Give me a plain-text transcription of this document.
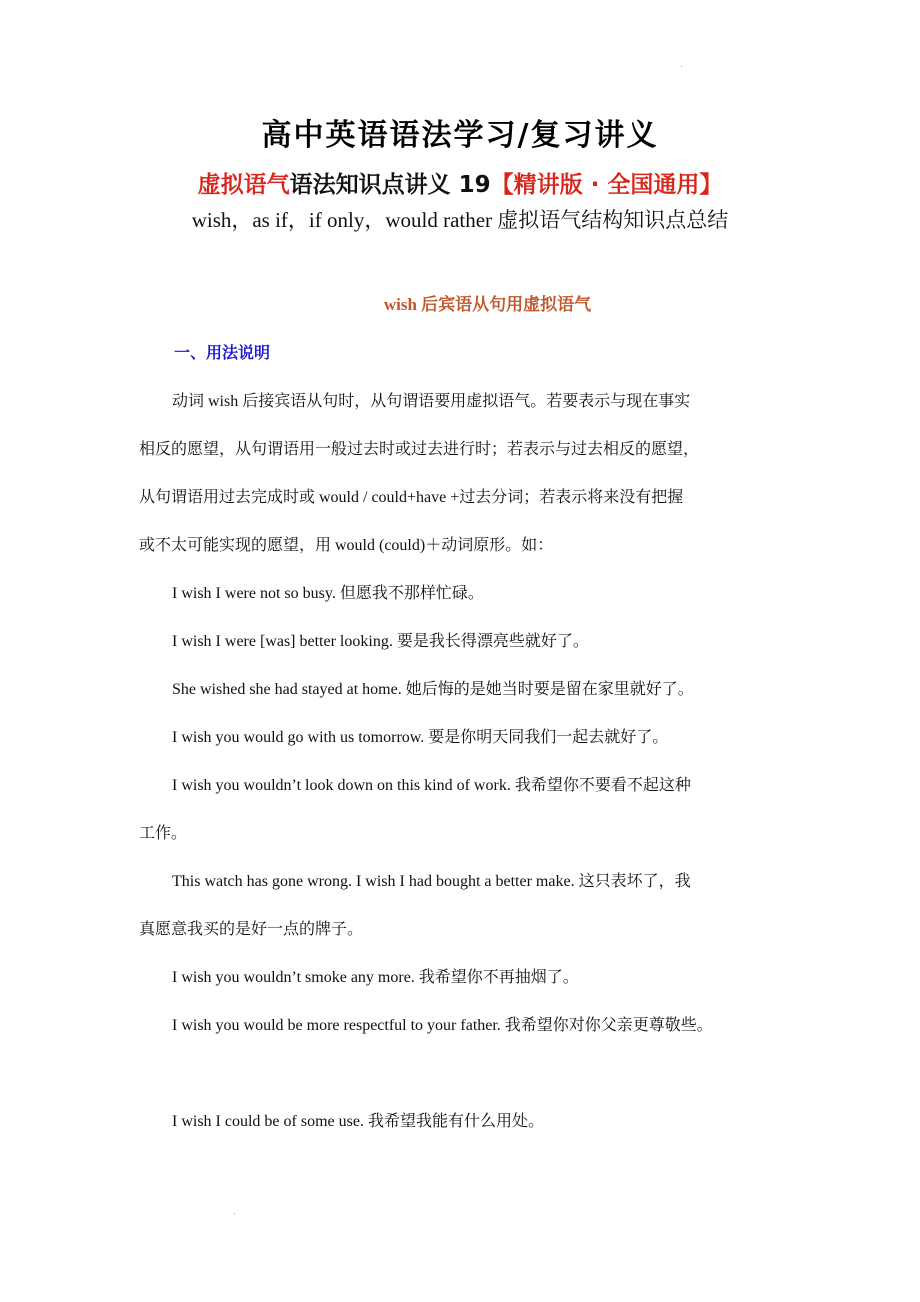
高中英语语法学习/复习讲义
虚拟语气语法知识点讲义 19【精讲版 · 全国通用】
wish，as if，if only，would rather 虚拟语气结构知识点总结
wish 后宾语从句用虚拟语气
一、用法说明
动词 wish 后接宾语从句时，从句谓语要用虚拟语气。若要表示与现在事实
相反的愿望，从句谓语用一般过去时或过去进行时；若表示与过去相反的愿望，
从句谓语用过去完成时或 would / could+have +过去分词；若表示将来没有把握
或不太可能实现的愿望，用 would (could)＋动词原形。如：
I wish I were not so busy. 但愿我不那样忙碌。
I wish I were [was] better looking. 要是我长得漂亮些就好了。
She wished she had stayed at home. 她后悔的是她当时要是留在家里就好了。
I wish you would go with us tomorrow. 要是你明天同我们一起去就好了。
I wish you wouldn’t look down on this kind of work. 我希望你不要看不起这种
工作。
This watch has gone wrong. I wish I had bought a better make. 这只表坏了，我
真愿意我买的是好一点的牌子。
I wish you wouldn’t smoke any more. 我希望你不再抽烟了。
I wish you would be more respectful to your father. 我希望你对你父亲更尊敬些。
I wish I could be of some use. 我希望我能有什么用处。
